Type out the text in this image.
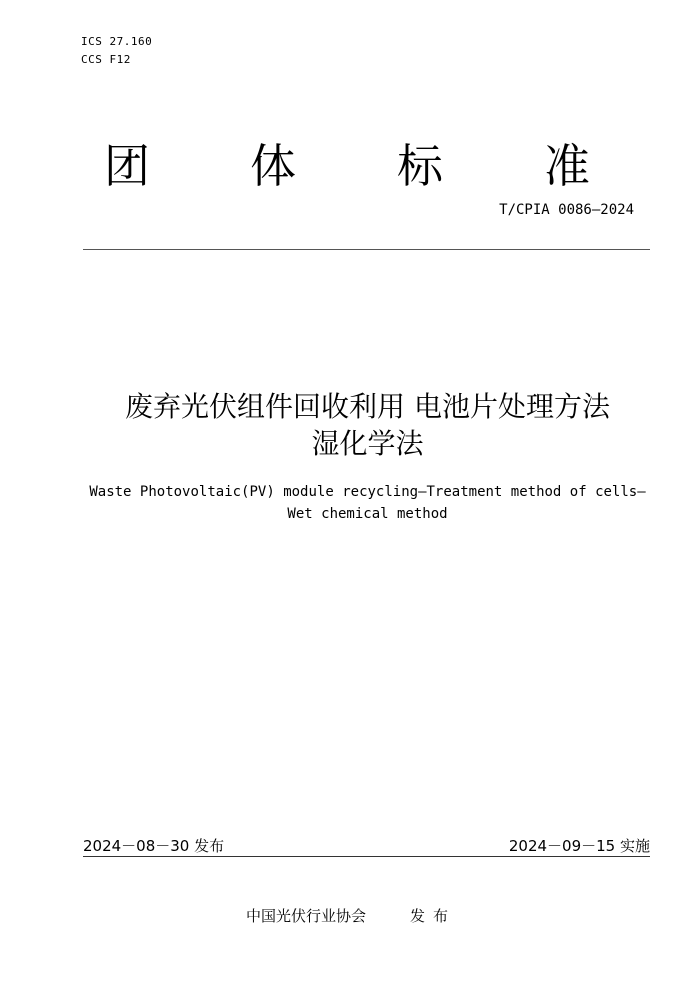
ICS 27.160
CCS F12
团 体 标 准
T/CPIA 0086—2024
废弃光伏组件回收利用 电池片处理方法
湿化学法
Waste Photovoltaic(PV) module recycling—Treatment method of cells—
Wet chemical method
2024－08－30 发布	2024－09－15 实施
中国光伏行业协会	发布
